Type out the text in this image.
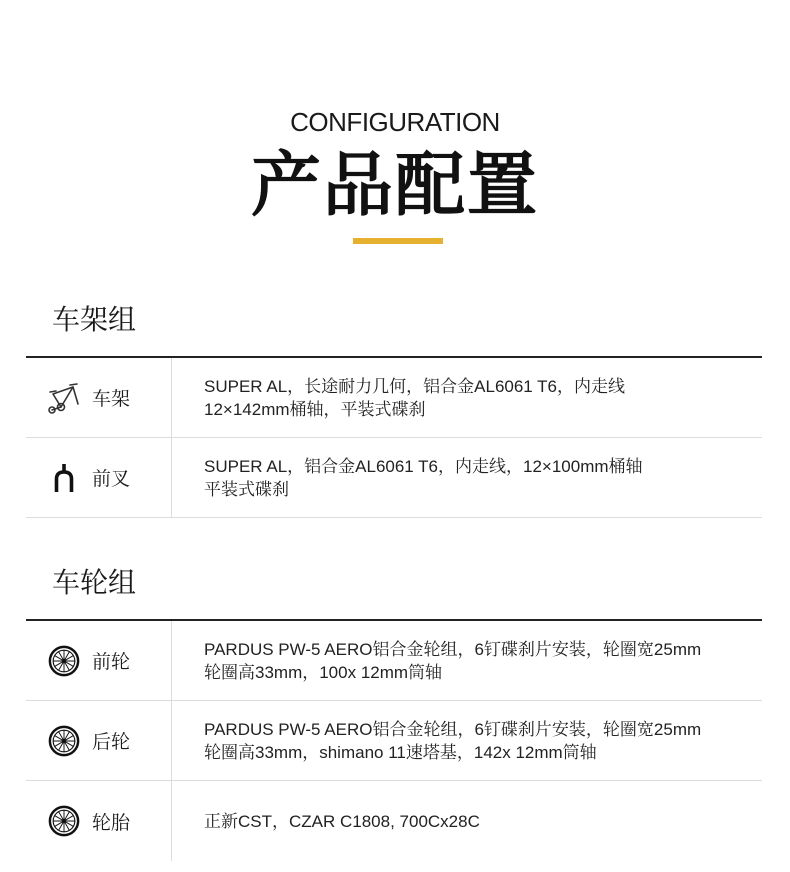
CONFIGURATION
产品配置
车架组
车架
SUPER AL，长途耐力几何，铝合金AL6061 T6，内走线
12×142mm桶轴，平装式碟刹
前叉
SUPER AL，铝合金AL6061 T6，内走线，12×100mm桶轴
平装式碟刹
车轮组
前轮
PARDUS PW-5 AERO铝合金轮组，6钉碟刹片安装，轮圈宽25mm
轮圈高33mm，100x 12mm筒轴
后轮
PARDUS PW-5 AERO铝合金轮组，6钉碟刹片安装，轮圈宽25mm
轮圈高33mm，shimano 11速塔基，142x 12mm筒轴
轮胎	正新CST，CZAR C1808, 700Cx28C
